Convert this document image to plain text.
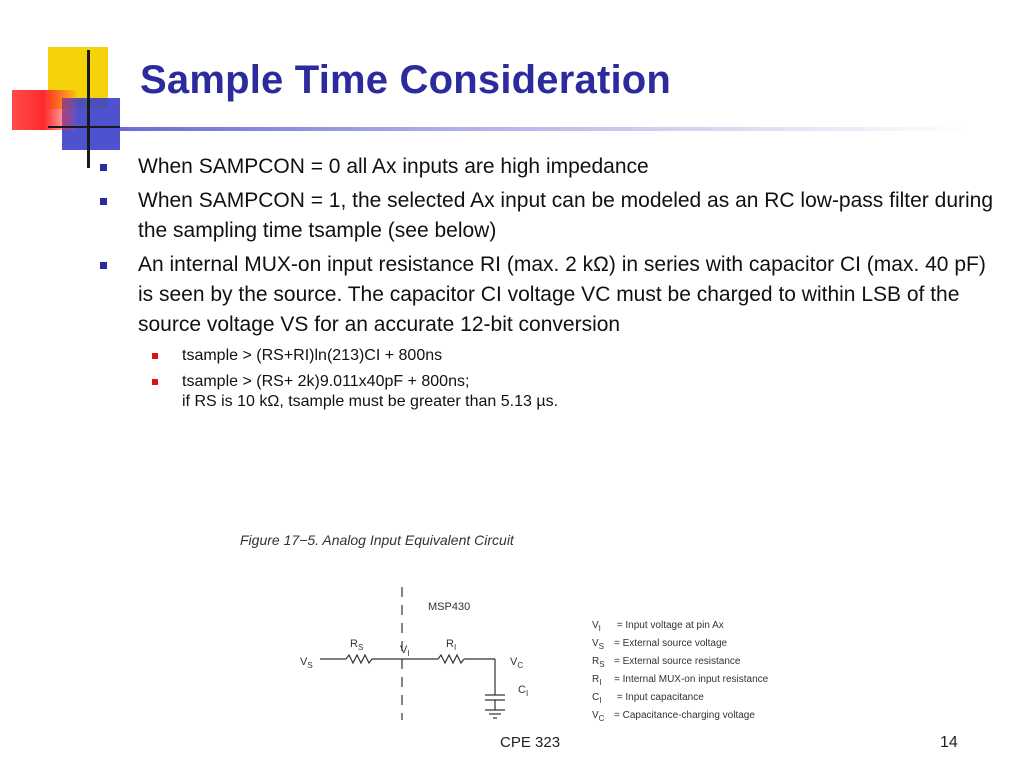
Sample Time Consideration
When SAMPCON = 0 all Ax inputs are high impedance
When SAMPCON = 1, the selected Ax input can be modeled as an RC low-pass filter during the sampling time tsample (see below)
An internal MUX-on input resistance RI (max. 2 kΩ) in series with capacitor CI (max. 40 pF) is seen by the source. The capacitor CI voltage VC must be charged to within LSB of the source voltage VS for an accurate 12-bit conversion
tsample > (RS+RI)ln(213)CI + 800ns
tsample > (RS+ 2k)9.011x40pF + 800ns;
if RS is 10 kΩ, tsample must be greater than 5.13 µs.

Figure 17−5. Analog Input Equivalent Circuit

MSP430
$V_S$
$R_S$	$V_I$
$R_I$
$V_C$
$C_I$
$V_I$ = Input voltage at pin Ax
$V_S$ = External source voltage
$R_S$ = External source resistance
$R_I$ = Internal MUX-on input resistance
$C_I$ = Input capacitance
$V_C$ = Capacitance-charging voltage
CPE 323	14
